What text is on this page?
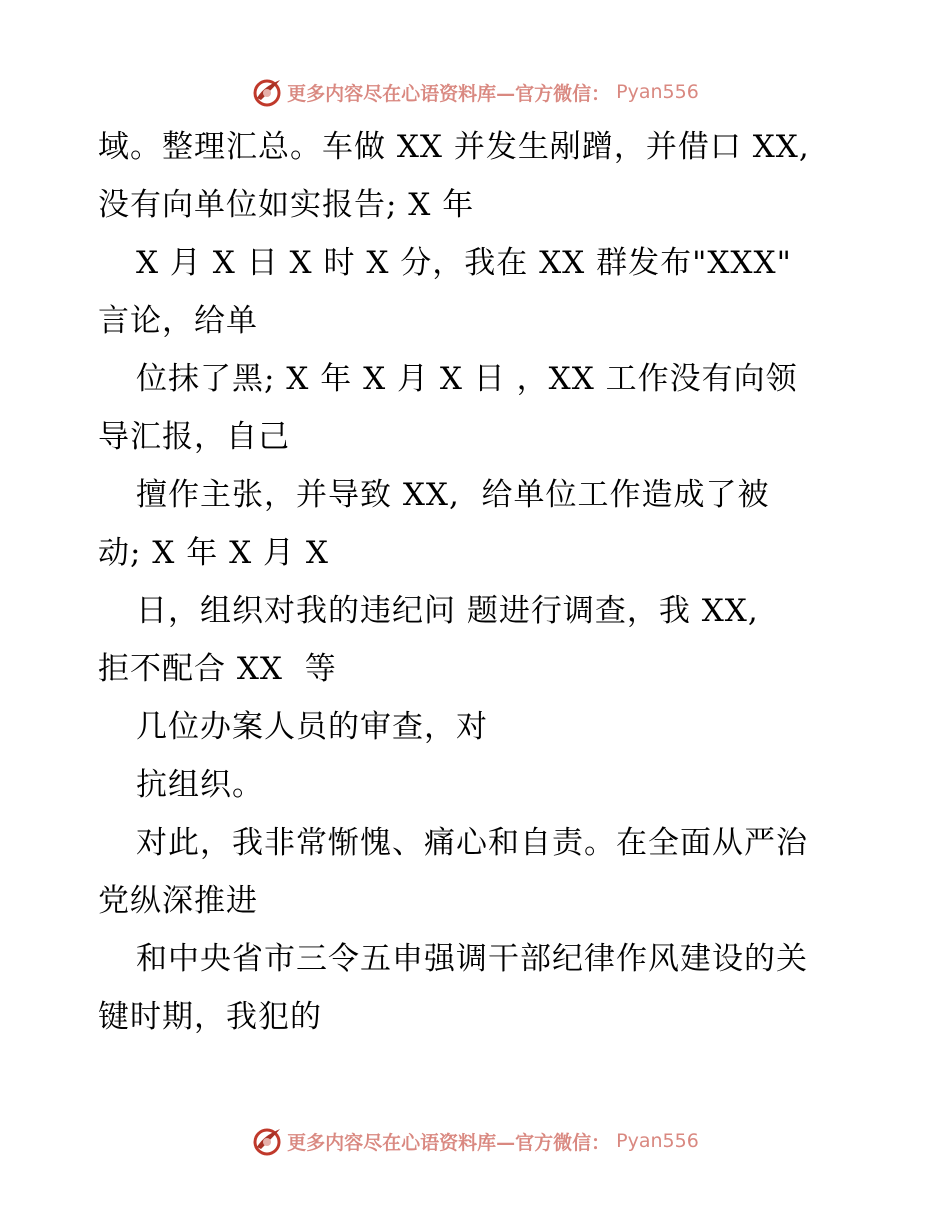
更多内容尽在心语资料库—官方微信： Pyan556
域。整理汇总。车做 XX 并发生剐蹭，并借口 XX,
没有向单位如实报告; X 年
X 月 X 日 X 时 X 分，我在 XX 群发布"XXX"
言论，给单
位抹了黑; X 年 X 月 X 日 ，XX 工作没有向领
导汇报，自己
擅作主张，并导致 XX,  给单位工作造成了被
动; X 年 X 月 X
日，组织对我的违纪问 题进行调查，我 XX,
拒不配合 XX  等
几位办案人员的审查，对
抗组织。
对此，我非常惭愧、痛心和自责。在全面从严治
党纵深推进
和中央省市三令五申强调干部纪律作风建设的关
键时期，我犯的
更多内容尽在心语资料库—官方微信： Pyan556
